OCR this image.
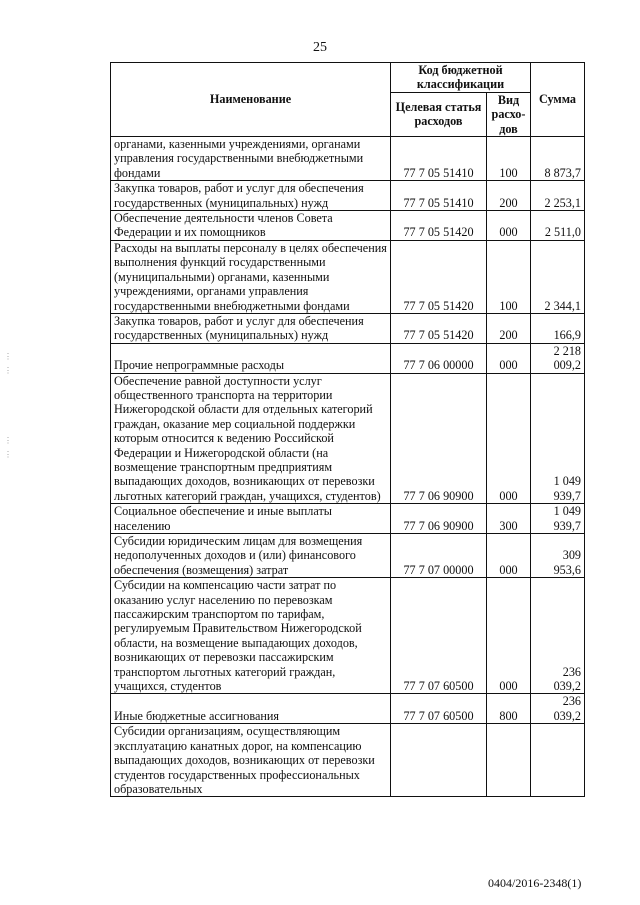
25
Наименование	Код бюджетной классификации		Сумма
	Целевая статья расходов	Вид расхо-дов	
органами, казенными учреждениями, органами управления государственными внебюджетными фондами	77 7 05 51410	100	8 873,7
Закупка товаров, работ и услуг для обеспечения государственных (муниципальных) нужд	77 7 05 51410	200	2 253,1
Обеспечение деятельности членов Совета Федерации и их помощников	77 7 05 51420	000	2 511,0
Расходы на выплаты персоналу в целях обеспечения выполнения функций государственными (муниципальными) органами, казенными учреждениями, органами управления государственными внебюджетными фондами	77 7 05 51420	100	2 344,1
Закупка товаров, работ и услуг для обеспечения государственных (муниципальных) нужд	77 7 05 51420	200	166,9
Прочие непрограммные расходы	77 7 06 00000	000	2 218 009,2
Обеспечение равной доступности услуг общественного транспорта на территории Нижегородской области для отдельных категорий граждан, оказание мер социальной поддержки которым относится к ведению Российской Федерации и Нижегородской области (на возмещение транспортным предприятиям выпадающих доходов, возникающих от перевозки льготных категорий граждан, учащихся, студентов)	77 7 06 90900	000	1 049 939,7
Социальное обеспечение и иные выплаты населению	77 7 06 90900	300	1 049 939,7
Субсидии юридическим лицам для возмещения недополученных доходов и (или) финансового обеспечения (возмещения) затрат	77 7 07 00000	000	309 953,6
Субсидии на компенсацию части затрат по оказанию услуг населению по перевозкам пассажирским транспортом по тарифам, регулируемым Правительством Нижегородской области, на возмещение выпадающих доходов, возникающих от перевозки пассажирским транспортом льготных категорий граждан, учащихся, студентов	77 7 07 60500	000	236 039,2
Иные бюджетные ассигнования	77 7 07 60500	800	236 039,2
Субсидии организациям, осуществляющим эксплуатацию канатных дорог, на компенсацию выпадающих доходов, возникающих от перевозки студентов государственных профессиональных образовательных			
⋮
⋮

⋮
⋮
0404/2016-2348(1)
